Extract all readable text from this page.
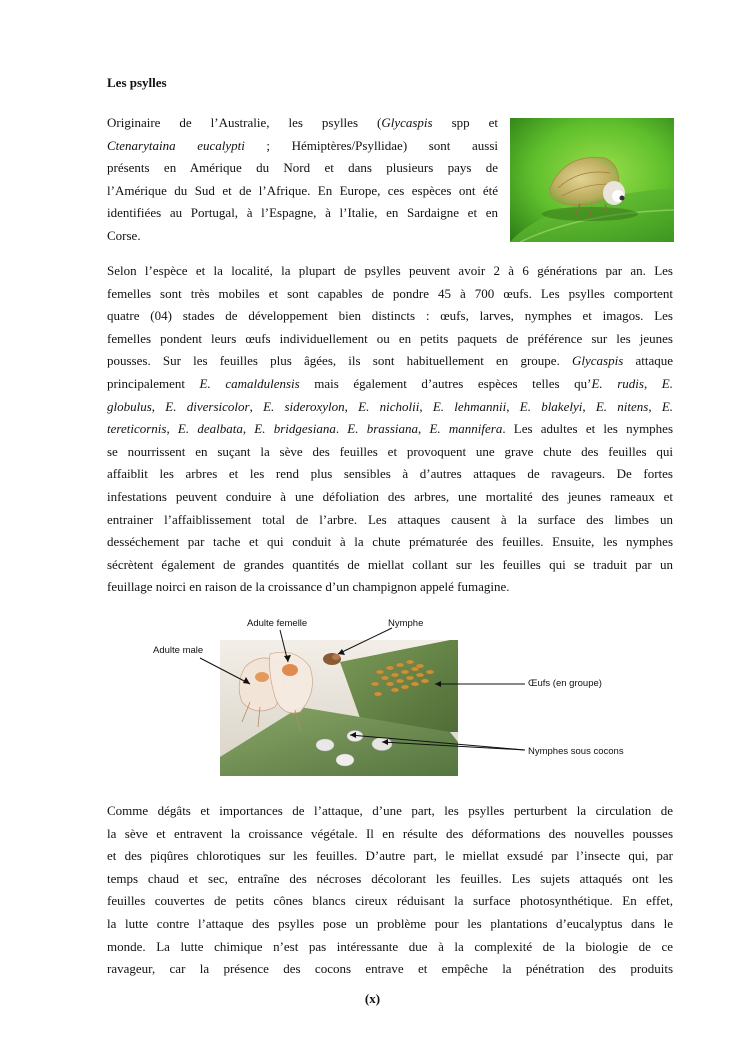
Les psylles
Originaire de l’Australie, les psylles (Glycaspis spp et
Ctenarytaina eucalypti ; Hémiptères/Psyllidae) sont aussi
présents en Amérique du Nord et dans plusieurs pays de
l’Amérique du Sud et de l’Afrique. En Europe, ces espèces ont été
identifiées au Portugal, à l’Espagne, à l’Italie, en Sardaigne et en
Corse.
Selon l’espèce et la localité, la plupart de psylles peuvent avoir 2 à 6 générations par an. Les
femelles sont très mobiles et sont capables de pondre 45 à 700 œufs. Les psylles comportent
quatre (04) stades de développement bien distincts : œufs, larves, nymphes et imagos. Les
femelles pondent leurs œufs individuellement ou en petits paquets de préférence sur les jeunes
pousses. Sur les feuilles plus âgées, ils sont habituellement en groupe. Glycaspis attaque
principalement E. camaldulensis mais également d’autres espèces telles qu’E. rudis, E.
globulus, E. diversicolor, E. sideroxylon, E. nicholii, E. lehmannii, E. blakelyi, E. nitens, E.
tereticornis, E. dealbata, E. bridgesiana. E. brassiana, E. mannifera. Les adultes et les nymphes
se nourrissent en suçant la sève des feuilles et provoquent une grave chute des feuilles qui
affaiblit les arbres et les rend plus sensibles à d’autres attaques de ravageurs. De fortes
infestations peuvent conduire à une défoliation des arbres, une mortalité des jeunes rameaux et
entrainer l’affaiblissement total de l’arbre. Les attaques causent à la surface des limbes un
desséchement par tache et qui conduit à la chute prématurée des feuilles. Ensuite, les nymphes
sécrètent également de grandes quantités de miellat collant sur les feuilles qui se traduit par un
feuillage noirci en raison de la croissance d’un champignon appelé fumagine.
Adulte femelle	Nymphe
Adulte male
Œufs (en groupe)
Nymphes sous cocons
Comme dégâts et importances de l’attaque, d’une part, les psylles perturbent la circulation de
la sève et entravent la croissance végétale. Il en résulte des déformations des nouvelles pousses
et des piqûres chlorotiques sur les feuilles. D’autre part, le miellat exsudé par l’insecte qui, par
temps chaud et sec, entraîne des nécroses décolorant les feuilles. Les sujets attaqués ont les
feuilles couvertes de petits cônes blancs cireux réduisant la surface photosynthétique. En effet,
la lutte contre l’attaque des psylles pose un problème pour les plantations d’eucalyptus dans le
monde. La lutte chimique n’est pas intéressante due à la complexité de la biologie de ce
ravageur, car la présence des cocons entrave et empêche la pénétration des produits
(x)
